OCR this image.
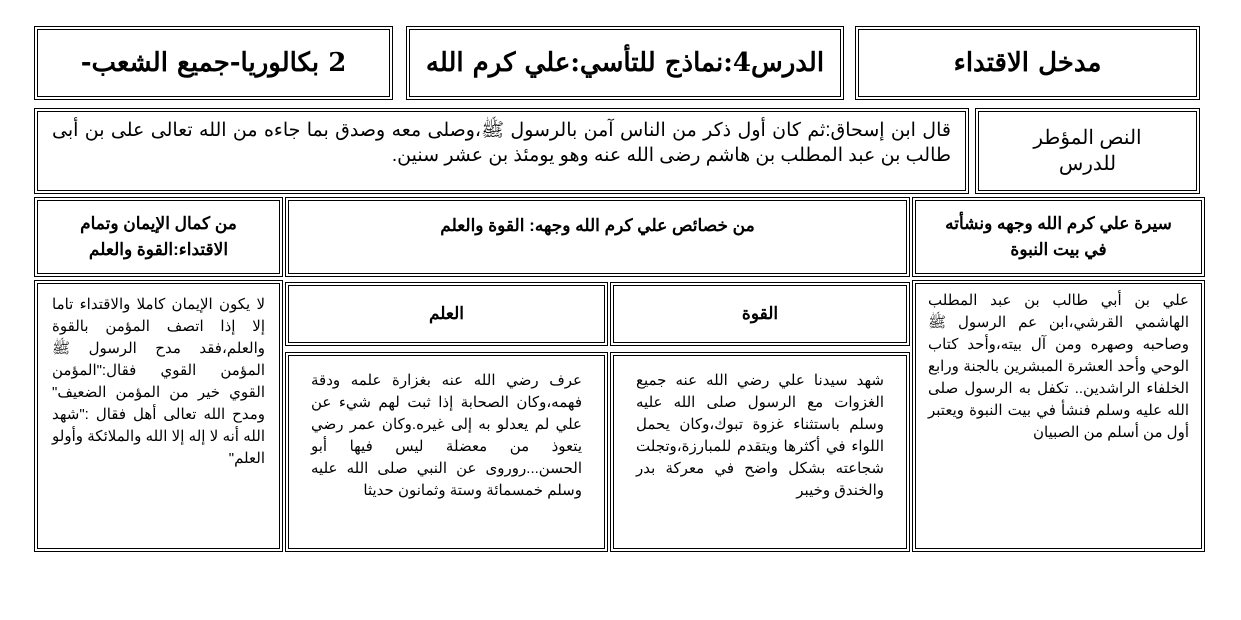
مدخل الاقتداء
الدرس4:نماذج للتأسي:علي كرم الله
2 بكالوريا-جميع الشعب-
النص المؤطر للدرس
قال ابن إسحاق:ثم كان أول ذكر من الناس آمن بالرسول ﷺ،وصلى معه وصدق بما جاءه من الله تعالى على بن أبى طالب بن عبد المطلب بن هاشم رضى الله عنه وهو يومئذ بن عشر سنين.
سيرة علي كرم الله وجهه ونشأته في بيت النبوة
من خصائص علي كرم الله وجهه: القوة والعلم
من كمال الإيمان وتمام الاقتداء:القوة والعلم
علي بن أبي طالب بن عبد المطلب الهاشمي القرشي،ابن عم الرسول ﷺ وصاحبه وصهره ومن آل بيته،وأحد كتاب الوحي وأحد العشرة المبشرين بالجنة ورابع الخلفاء الراشدين.. تكفل به الرسول صلى الله عليه وسلم فنشأ في بيت النبوة ويعتبر أول من أسلم من الصبيان
القوة
العلم
شهد سيدنا علي رضي الله عنه جميع الغزوات مع الرسول صلى الله عليه وسلم باستثناء غزوة تبوك،وكان يحمل اللواء في أكثرها ويتقدم للمبارزة،وتجلت شجاعته بشكل واضح في معركة بدر والخندق وخيبر
عرف رضي الله عنه بغزارة علمه ودقة فهمه،وكان الصحابة إذا ثبت لهم شيء عن علي لم يعدلو به إلى غيره.وكان عمر رضي يتعوذ من معضلة ليس فيها أبو الحسن...روروى عن النبي صلى الله عليه وسلم خمسمائة وستة وثمانون حديثا
لا يكون الإيمان كاملا والاقتداء تاما إلا إذا اتصف المؤمن بالقوة والعلم،فقد مدح الرسول ﷺ المؤمن القوي فقال:"المؤمن القوي خير من المؤمن الضعيف" ومدح الله تعالى أهل فقال :"شهد الله أنه لا إله إلا الله والملائكة وأولو العلم"
